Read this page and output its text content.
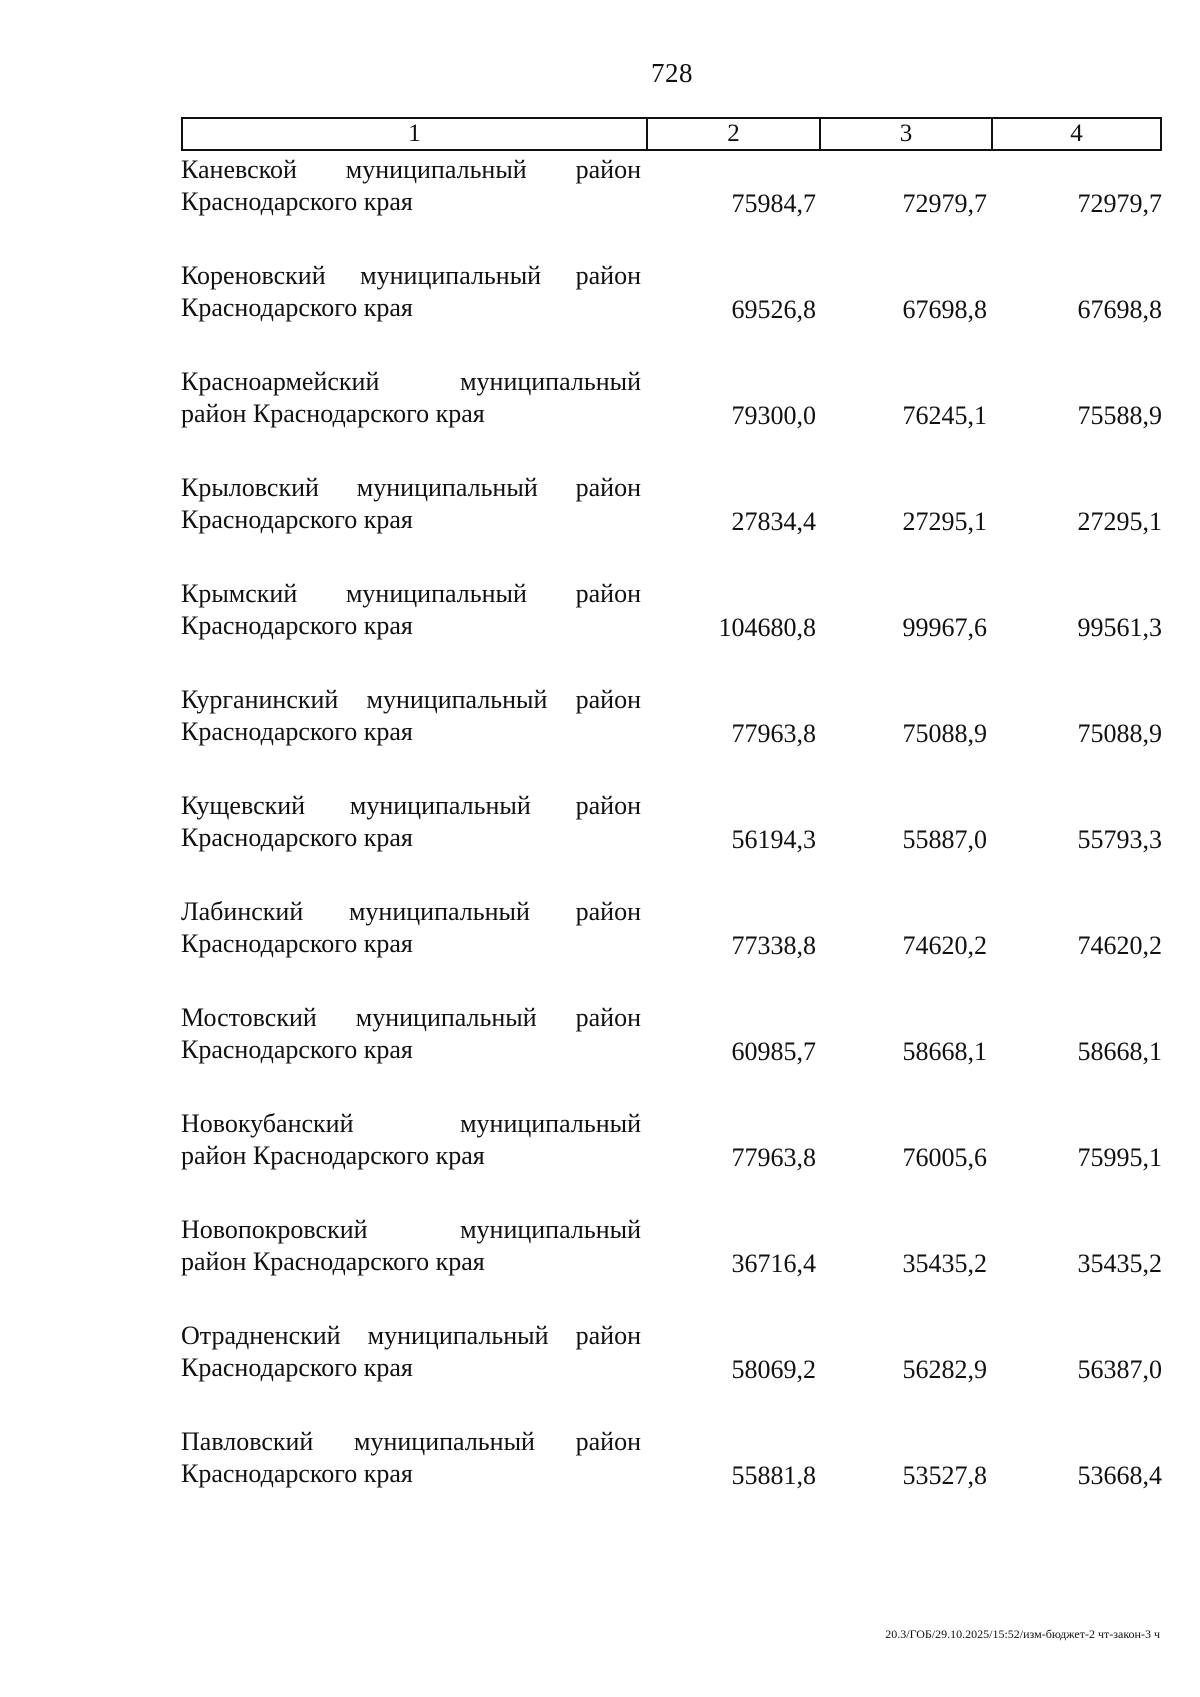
728
1	2	3	4
Каневской муниципальный район
Краснодарского края	75984,7	72979,7	72979,7
Кореновский муниципальный район
Краснодарского края	69526,8	67698,8	67698,8
Красноармейский муниципальный
район Краснодарского края	79300,0	76245,1	75588,9
Крыловский муниципальный район
Краснодарского края	27834,4	27295,1	27295,1
Крымский муниципальный район
Краснодарского края	104680,8	99967,6	99561,3
Курганинский муниципальный район
Краснодарского края	77963,8	75088,9	75088,9
Кущевский муниципальный район
Краснодарского края	56194,3	55887,0	55793,3
Лабинский муниципальный район
Краснодарского края	77338,8	74620,2	74620,2
Мостовский муниципальный район
Краснодарского края	60985,7	58668,1	58668,1
Новокубанский муниципальный
район Краснодарского края	77963,8	76005,6	75995,1
Новопокровский муниципальный
район Краснодарского края	36716,4	35435,2	35435,2
Отрадненский муниципальный район
Краснодарского края	58069,2	56282,9	56387,0
Павловский муниципальный район
Краснодарского края	55881,8	53527,8	53668,4
20.3/ГОБ/29.10.2025/15:52/изм-бюджет-2 чт-закон-3 ч
